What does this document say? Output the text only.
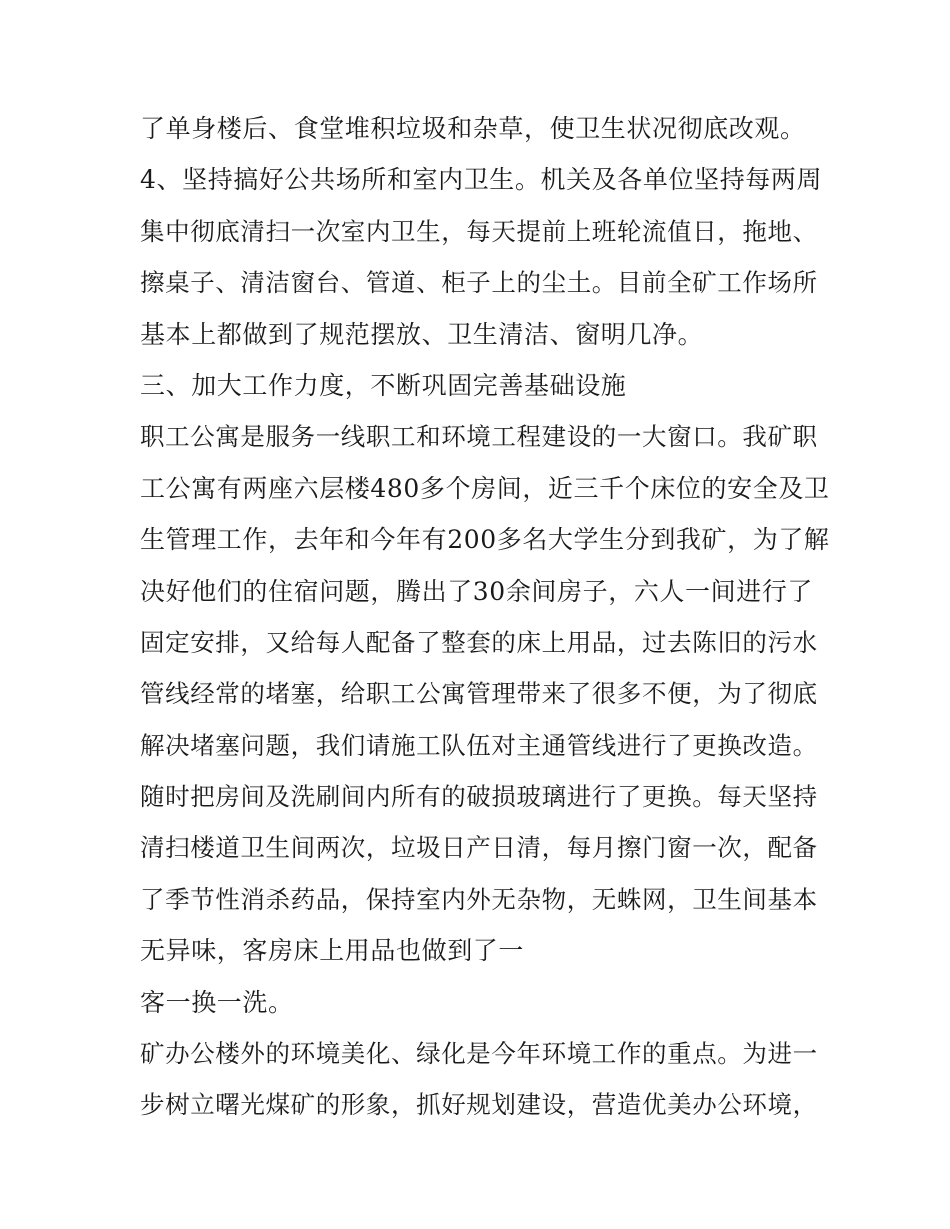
了单身楼后、食堂堆积垃圾和杂草，使卫生状况彻底改观。
4、坚持搞好公共场所和室内卫生。机关及各单位坚持每两周
集中彻底清扫一次室内卫生，每天提前上班轮流值日，拖地、
擦桌子、清洁窗台、管道、柜子上的尘土。目前全矿工作场所
基本上都做到了规范摆放、卫生清洁、窗明几净。
三、加大工作力度，不断巩固完善基础设施
职工公寓是服务一线职工和环境工程建设的一大窗口。我矿职
工公寓有两座六层楼480多个房间，近三千个床位的安全及卫
生管理工作，去年和今年有200多名大学生分到我矿，为了解
决好他们的住宿问题，腾出了30余间房子，六人一间进行了
固定安排，又给每人配备了整套的床上用品，过去陈旧的污水
管线经常的堵塞，给职工公寓管理带来了很多不便，为了彻底
解决堵塞问题，我们请施工队伍对主通管线进行了更换改造。
随时把房间及洗刷间内所有的破损玻璃进行了更换。每天坚持
清扫楼道卫生间两次，垃圾日产日清，每月擦门窗一次，配备
了季节性消杀药品，保持室内外无杂物，无蛛网，卫生间基本
无异味，客房床上用品也做到了一
客一换一洗。
矿办公楼外的环境美化、绿化是今年环境工作的重点。为进一
步树立曙光煤矿的形象，抓好规划建设，营造优美办公环境，
